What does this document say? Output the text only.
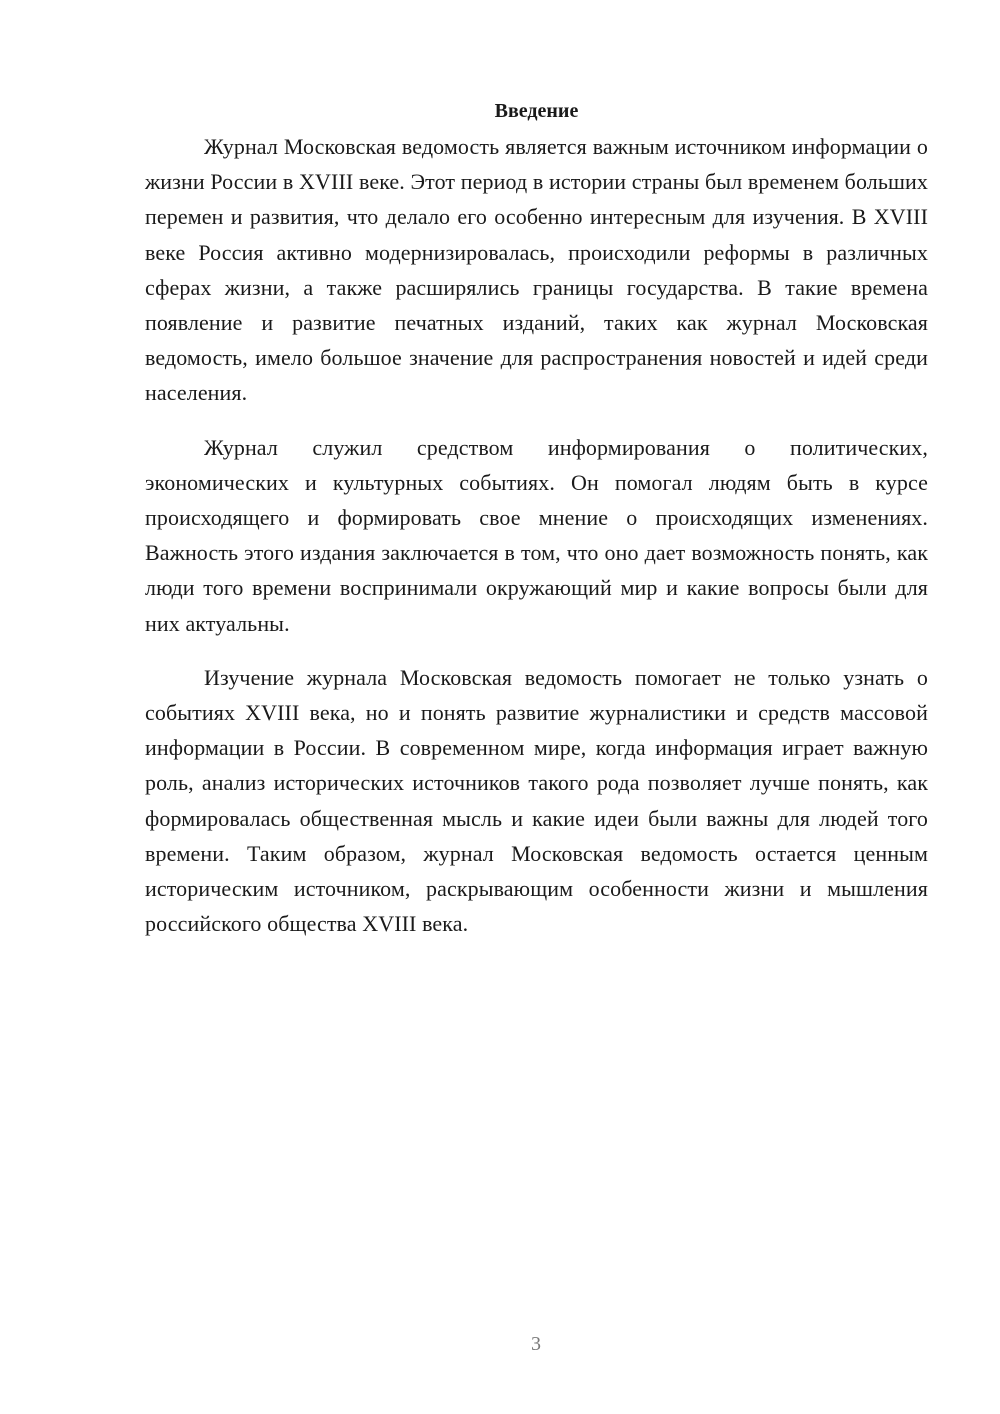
Введение

Журнал Московская ведомость является важным источником информации о жизни России в XVIII веке. Этот период в истории страны был временем больших перемен и развития, что делало его особенно интересным для изучения. В XVIII веке Россия активно модернизировалась, происходили реформы в различных сферах жизни, а также расширялись границы государства. В такие времена появление и развитие печатных изданий, таких как журнал Московская ведомость, имело большое значение для распространения новостей и идей среди населения.

Журнал служил средством информирования о политических, экономических и культурных событиях. Он помогал людям быть в курсе происходящего и формировать свое мнение о происходящих изменениях. Важность этого издания заключается в том, что оно дает возможность понять, как люди того времени воспринимали окружающий мир и какие вопросы были для них актуальны.

Изучение журнала Московская ведомость помогает не только узнать о событиях XVIII века, но и понять развитие журналистики и средств массовой информации в России. В современном мире, когда информация играет важную роль, анализ исторических источников такого рода позволяет лучше понять, как формировалась общественная мысль и какие идеи были важны для людей того времени. Таким образом, журнал Московская ведомость остается ценным историческим источником, раскрывающим особенности жизни и мышления российского общества XVIII века.

3
